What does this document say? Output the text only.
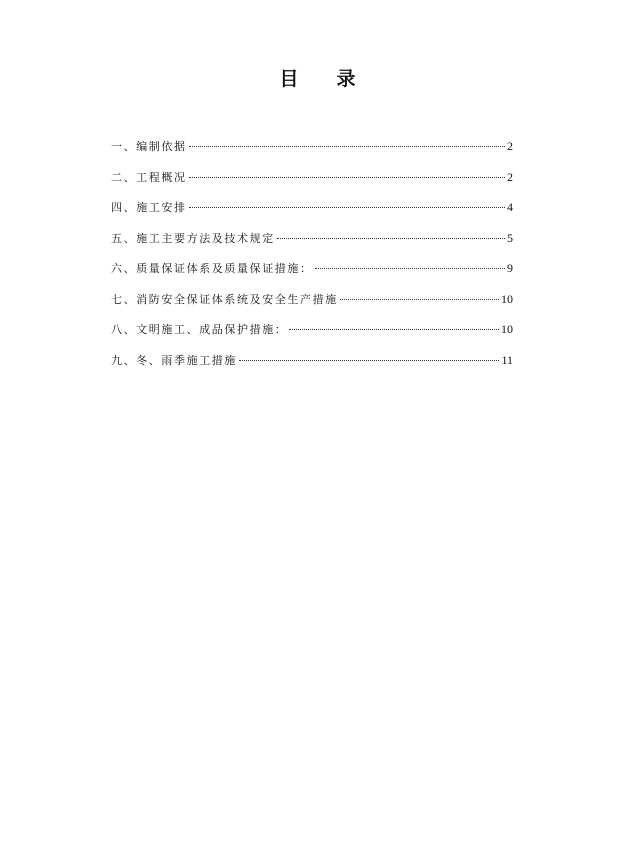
目 录
一、编制依据	2
二、工程概况	2
四、施工安排	4
五、施工主要方法及技术规定	5
六、质量保证体系及质量保证措施：	9
七、消防安全保证体系统及安全生产措施	10
八、文明施工、成品保护措施：	10
九、冬、雨季施工措施	11
